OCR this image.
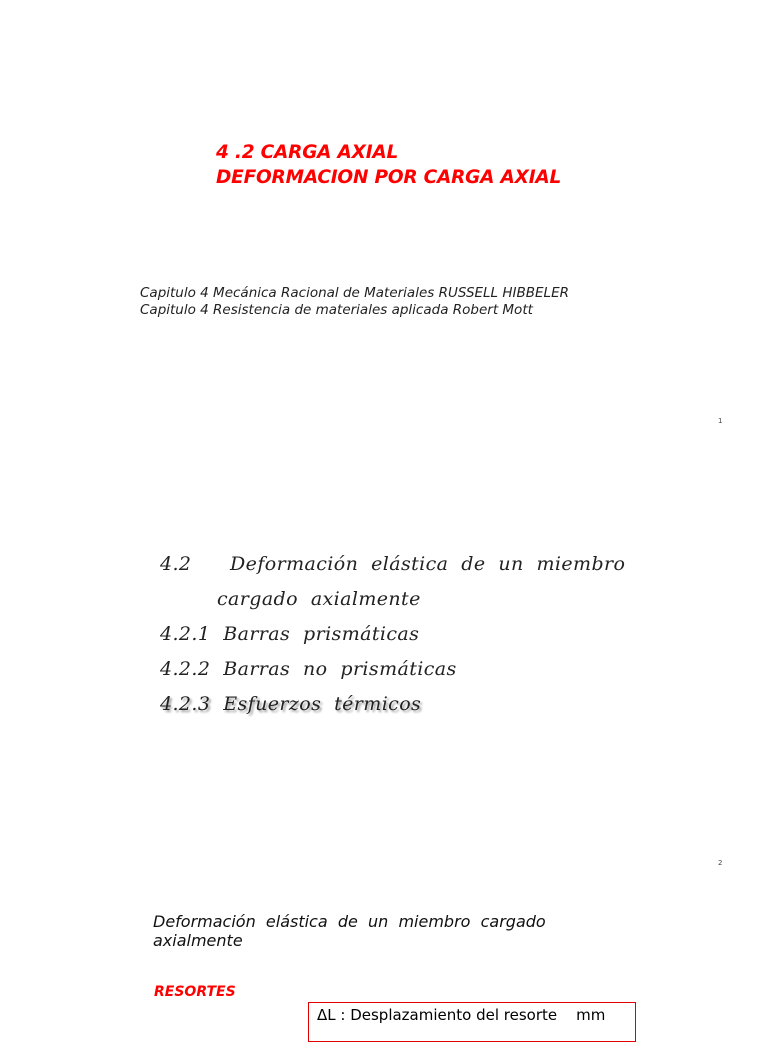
4 .2 CARGA AXIAL
DEFORMACION POR CARGA AXIAL
Capitulo 4 Mecánica Racional de Materiales RUSSELL HIBBELER
Capitulo 4 Resistencia de materiales aplicada Robert Mott
1
4.2      Deformación  elástica  de  un  miembro
cargado  axialmente
4.2.1  Barras  prismáticas
4.2.2  Barras  no  prismáticas
4.2.3  Esfuerzos  térmicos
2
Deformación  elástica  de  un  miembro  cargado
axialmente
RESORTES
ΔL : Desplazamiento del resorte    mm
